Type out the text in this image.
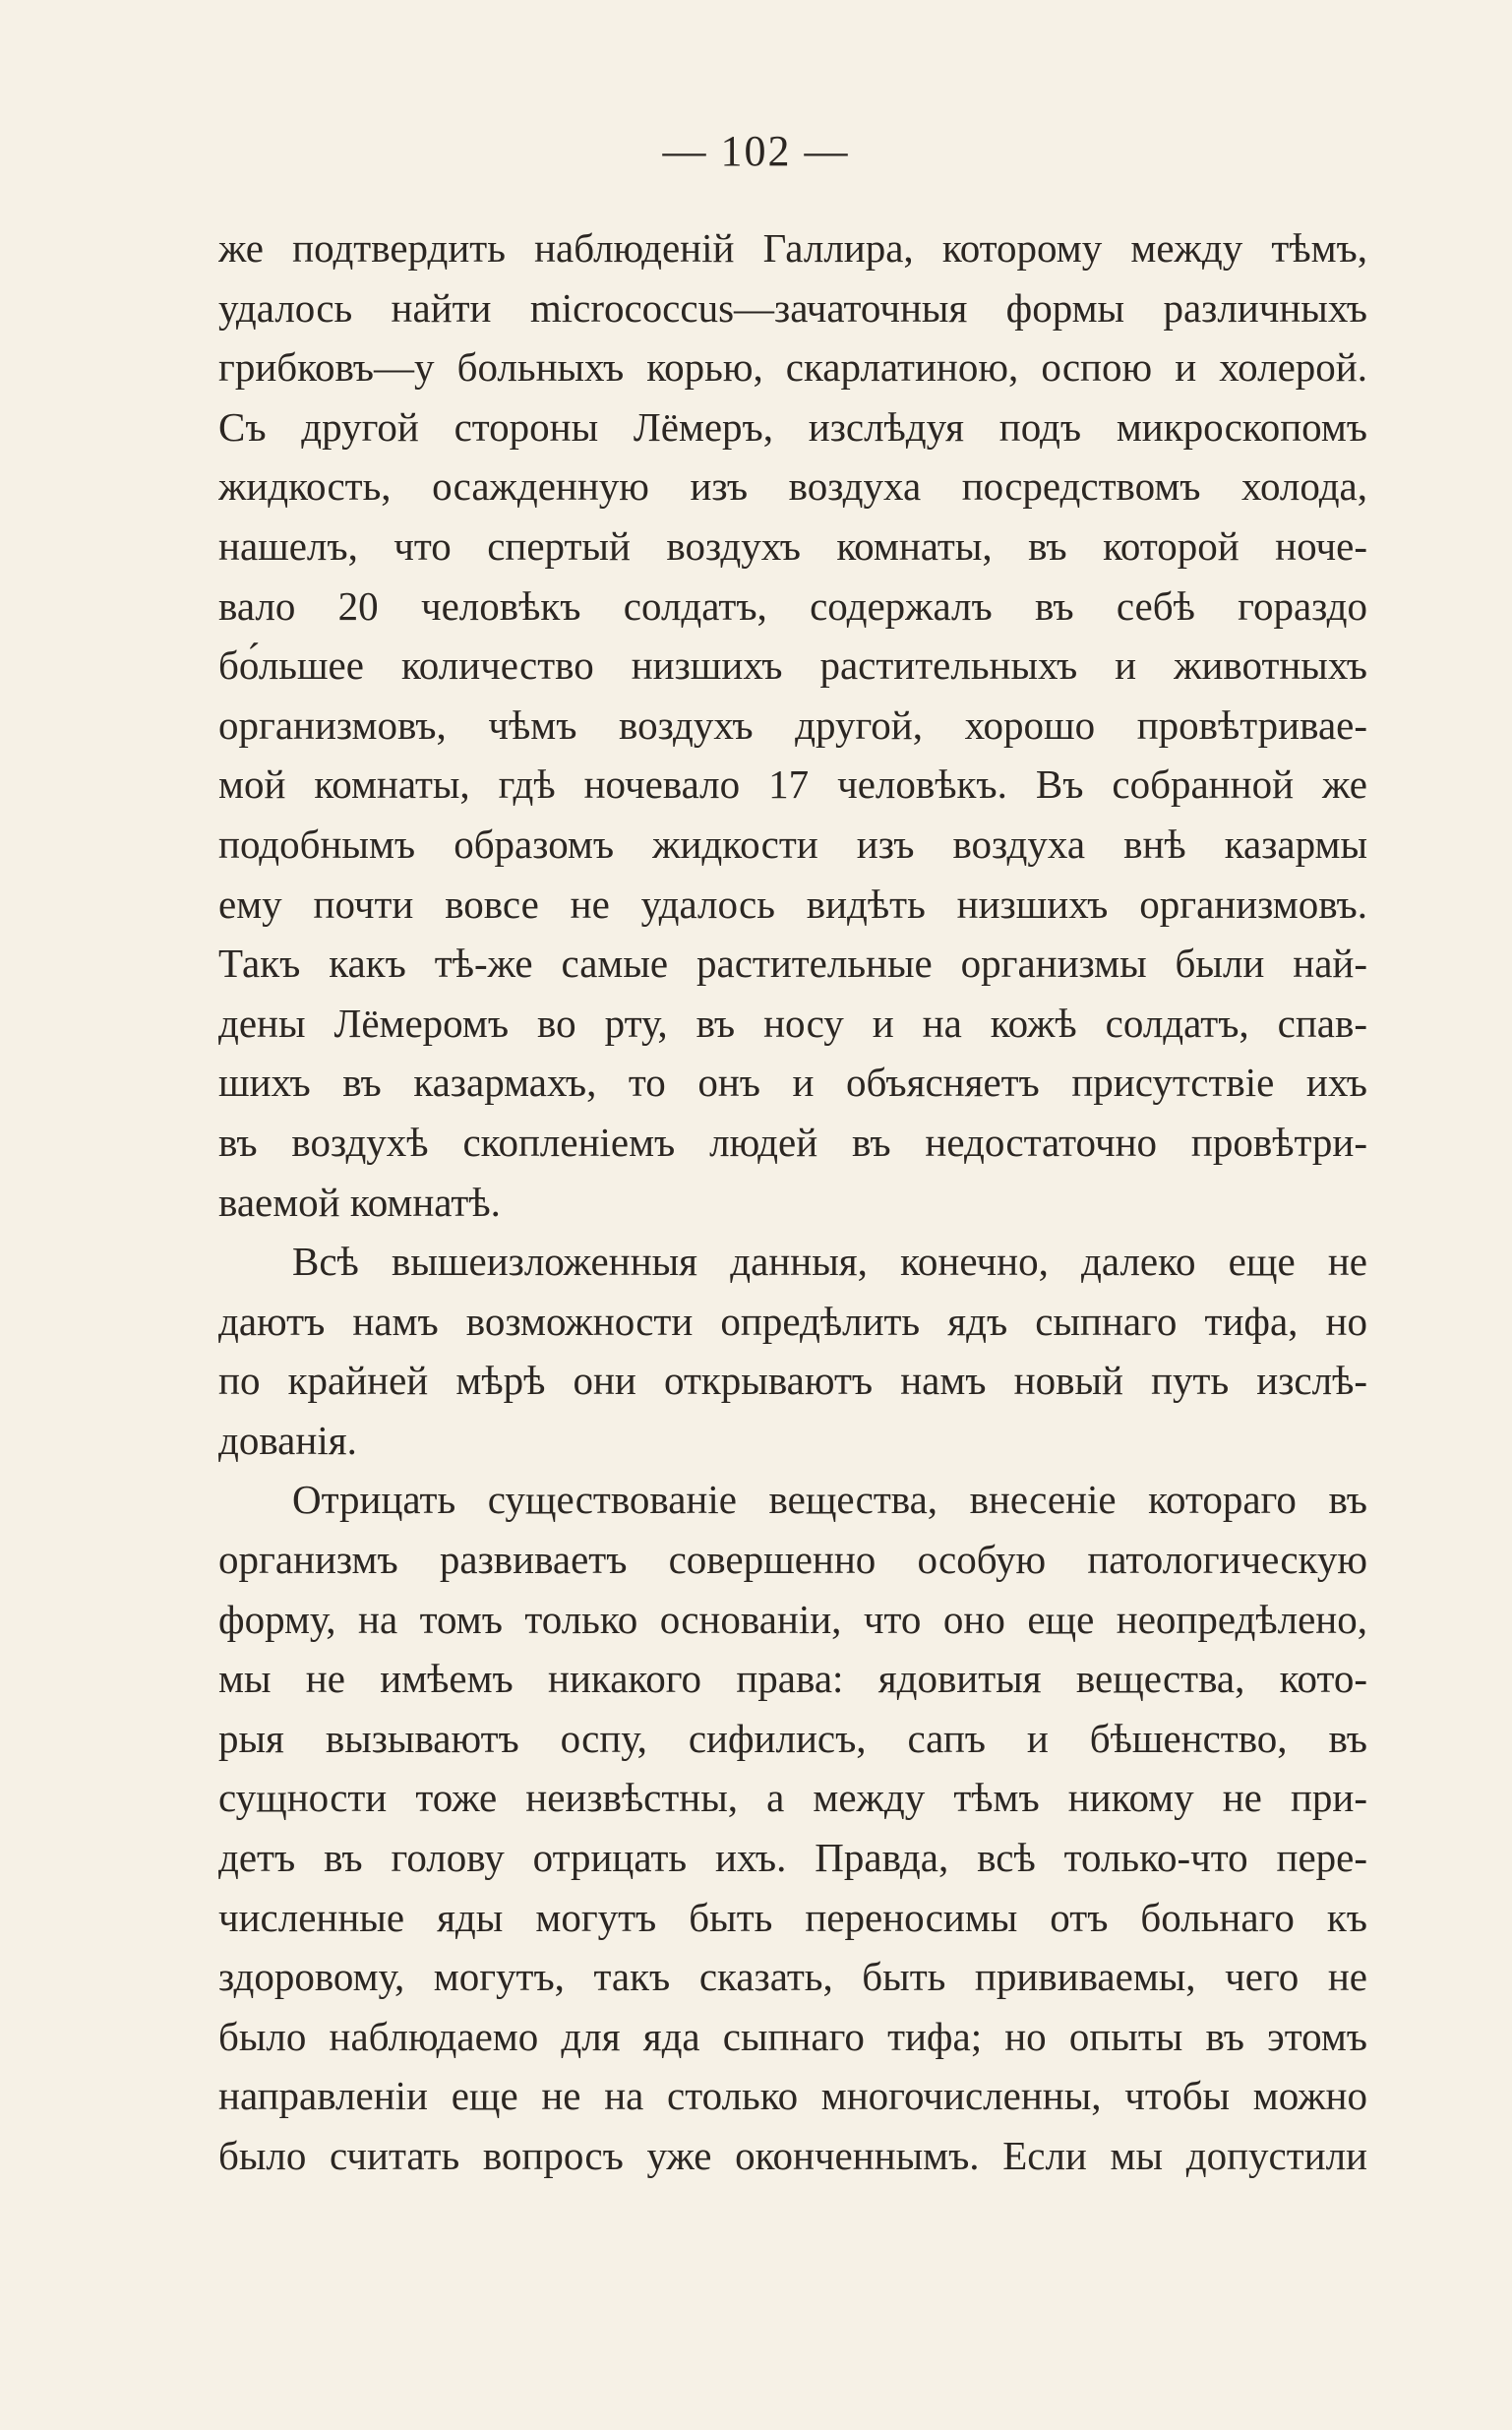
— 102 —
же подтвердить наблюденій Галлира, которому между тѣмъ,
удалось найти micrococcus—зачаточныя формы различныхъ
грибковъ—у больныхъ корью, скарлатиною, оспою и холерой.
Съ другой стороны Лёмеръ, изслѣдуя подъ микроскопомъ
жидкость, осажденную изъ воздуха посредствомъ холода,
нашелъ, что спертый воздухъ комнаты, въ которой ноче-
вало 20 человѣкъ солдатъ, содержалъ въ себѣ гораздо
бо́льшее количество низшихъ растительныхъ и животныхъ
организмовъ, чѣмъ воздухъ другой, хорошо провѣтривае-
мой комнаты, гдѣ ночевало 17 человѣкъ. Въ собранной же
подобнымъ образомъ жидкости изъ воздуха внѣ казармы
ему почти вовсе не удалось видѣть низшихъ организмовъ.
Такъ какъ тѣ-же самые растительные организмы были най-
дены Лёмеромъ во рту, въ носу и на кожѣ солдатъ, спав-
шихъ въ казармахъ, то онъ и объясняетъ присутствіе ихъ
въ воздухѣ скопленіемъ людей въ недостаточно провѣтри-
ваемой комнатѣ.
Всѣ вышеизложенныя данныя, конечно, далеко еще не
даютъ намъ возможности опредѣлить ядъ сыпнаго тифа, но
по крайней мѣрѣ они открываютъ намъ новый путь изслѣ-
дованія.
Отрицать существованіе вещества, внесеніе котораго въ
организмъ развиваетъ совершенно особую патологическую
форму, на томъ только основаніи, что оно еще неопредѣлено,
мы не имѣемъ никакого права: ядовитыя вещества, кото-
рыя вызываютъ оспу, сифилисъ, сапъ и бѣшенство, въ
сущности тоже неизвѣстны, а между тѣмъ никому не при-
детъ въ голову отрицать ихъ. Правда, всѣ только-что пере-
численные яды могутъ быть переносимы отъ больнаго къ
здоровому, могутъ, такъ сказать, быть прививаемы, чего не
было наблюдаемо для яда сыпнаго тифа; но опыты въ этомъ
направленіи еще не на столько многочисленны, чтобы можно
было считать вопросъ уже оконченнымъ. Если мы допустили
